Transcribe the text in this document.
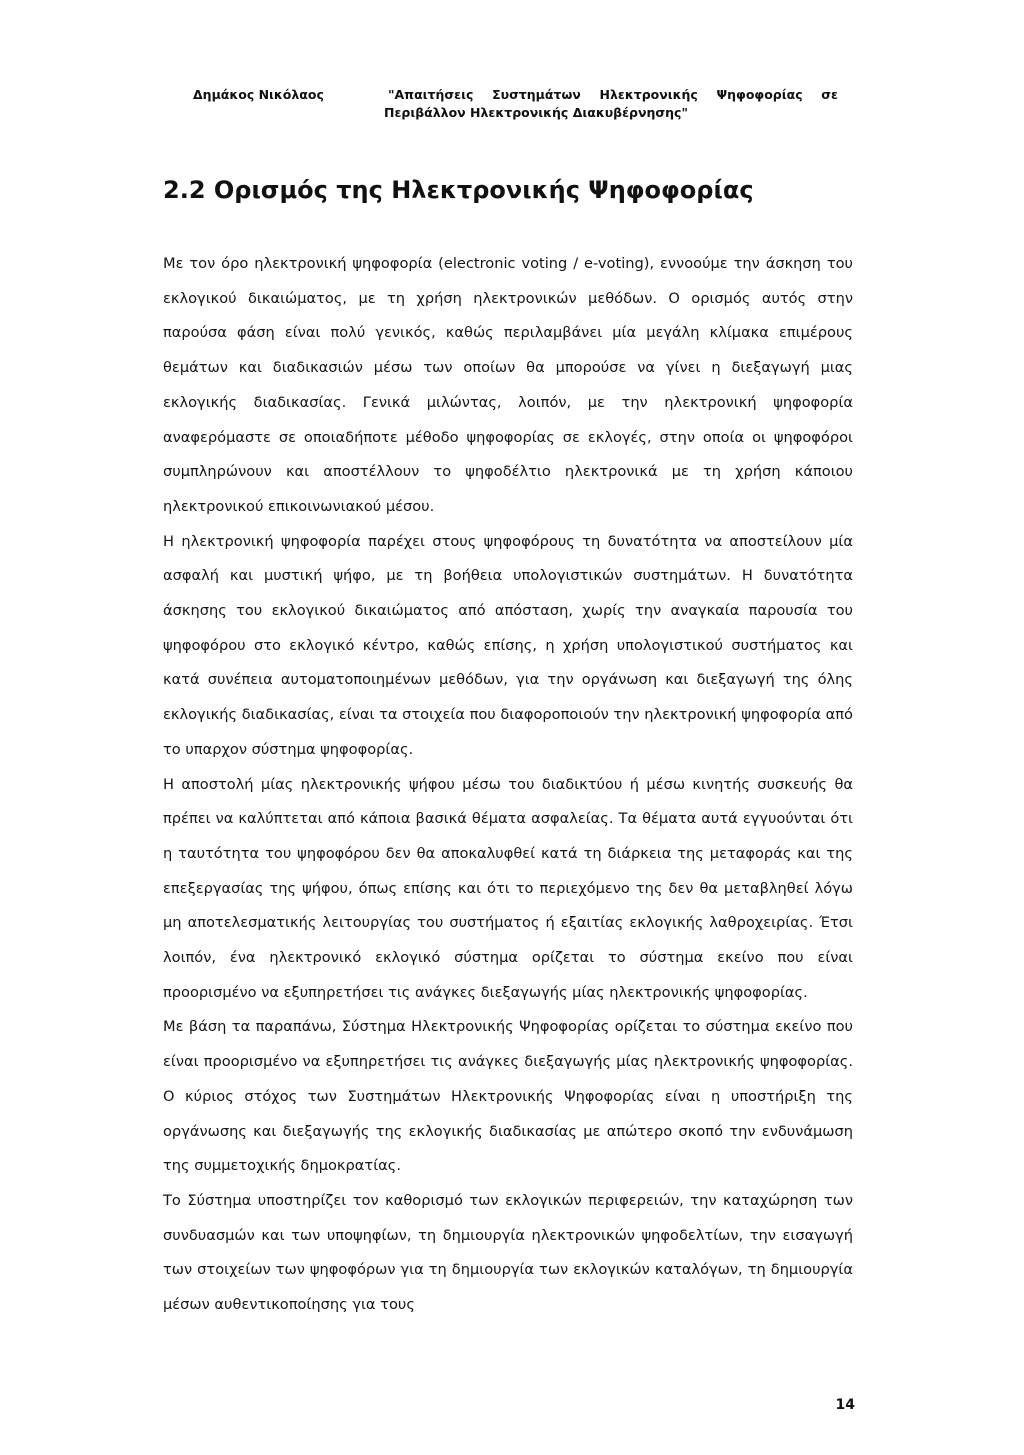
Δημάκος Νικόλαος	"Απαιτήσεις Συστημάτων Ηλεκτρονικής Ψηφοφορίας σε
Περιβάλλον Ηλεκτρονικής Διακυβέρνησης"
2.2 Ορισμός της Ηλεκτρονικής Ψηφοφορίας

Με τον όρο ηλεκτρονική ψηφοφορία (electronic voting / e-voting), εννοούμε την άσκηση του εκλογικού δικαιώματος, με τη χρήση ηλεκτρονικών μεθόδων. Ο ορισμός αυτός στην παρούσα φάση είναι πολύ γενικός, καθώς περιλαμβάνει μία μεγάλη κλίμακα επιμέρους θεμάτων και διαδικασιών μέσω των οποίων θα μπορούσε να γίνει η διεξαγωγή μιας εκλογικής διαδικασίας. Γενικά μιλώντας, λοιπόν, με την ηλεκτρονική ψηφοφορία αναφερόμαστε σε οποιαδήποτε μέθοδο ψηφοφορίας σε εκλογές, στην οποία οι ψηφοφόροι συμπληρώνουν και αποστέλλουν το ψηφοδέλτιο ηλεκτρονικά με τη χρήση κάποιου ηλεκτρονικού επικοινωνιακού μέσου.

Η ηλεκτρονική ψηφοφορία παρέχει στους ψηφοφόρους τη δυνατότητα να αποστείλουν μία ασφαλή και μυστική ψήφο, με τη βοήθεια υπολογιστικών συστημάτων. Η δυνατότητα άσκησης του εκλογικού δικαιώματος από απόσταση, χωρίς την αναγκαία παρουσία του ψηφοφόρου στο εκλογικό κέντρο, καθώς επίσης, η χρήση υπολογιστικού συστήματος και κατά συνέπεια αυτοματοποιημένων μεθόδων, για την οργάνωση και διεξαγωγή της όλης εκλογικής διαδικασίας, είναι τα στοιχεία που διαφοροποιούν την ηλεκτρονική ψηφοφορία από το υπαρχον σύστημα ψηφοφορίας.

Η αποστολή μίας ηλεκτρονικής ψήφου μέσω του διαδικτύου ή μέσω κινητής συσκευής θα πρέπει να καλύπτεται από κάποια βασικά θέματα ασφαλείας. Τα θέματα αυτά εγγυούνται ότι η ταυτότητα του ψηφοφόρου δεν θα αποκαλυφθεί κατά τη διάρκεια της μεταφοράς και της επεξεργασίας της ψήφου, όπως επίσης και ότι το περιεχόμενο της δεν θα μεταβληθεί λόγω μη αποτελεσματικής λειτουργίας του συστήματος ή εξαιτίας εκλογικής λαθροχειρίας. Έτσι λοιπόν, ένα ηλεκτρονικό εκλογικό σύστημα ορίζεται το σύστημα εκείνο που είναι προορισμένο να εξυπηρετήσει τις ανάγκες διεξαγωγής μίας ηλεκτρονικής ψηφοφορίας.

Με βάση τα παραπάνω, Σύστημα Ηλεκτρονικής Ψηφοφορίας ορίζεται το σύστημα εκείνο που είναι προορισμένο να εξυπηρετήσει τις ανάγκες διεξαγωγής μίας ηλεκτρονικής ψηφοφορίας. Ο κύριος στόχος των Συστημάτων Ηλεκτρονικής Ψηφοφορίας είναι η υποστήριξη της οργάνωσης και διεξαγωγής της εκλογικής διαδικασίας με απώτερο σκοπό την ενδυνάμωση της συμμετοχικής δημοκρατίας.

Το Σύστημα υποστηρίζει τον καθορισμό των εκλογικών περιφερειών, την καταχώρηση των συνδυασμών και των υποψηφίων, τη δημιουργία ηλεκτρονικών ψηφοδελτίων, την εισαγωγή των στοιχείων των ψηφοφόρων για τη δημιουργία των εκλογικών καταλόγων, τη δημιουργία μέσων αυθεντικοποίησης για τους

14
